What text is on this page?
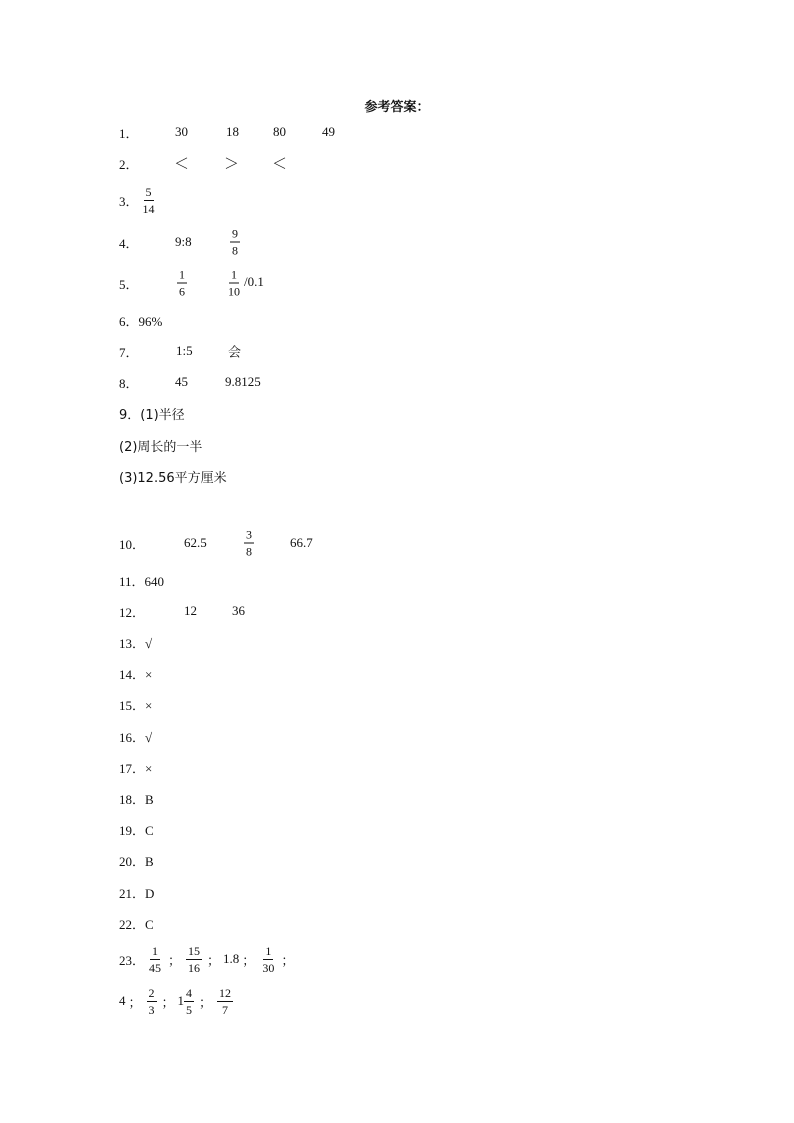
参考答案：
1．	30	18	80	49
2． ＜ ＞ ＜
3． $\frac{5}{14}$
4．	9:8	$\frac{9}{8}$
5．	$\frac{1}{6}$	$\frac{1}{10} /0.1$
6．96%
7．	1:5	会
8．	45	9.8125
9．(1)半径
(2)周长的一半
(3)12.56平方厘米
10．	62.5	$\frac{3}{8}$	66.7
11．640
12．	12	36
13．√
14．×
15．×
16．√
17．×
18．B
19．C
20．B
21．D
22．C
23． $\frac{1}{45}$ ； $\frac{15}{16}$ ； 1.8 ； $\frac{1}{30}$ ；
4 ； $\frac{2}{3}$ ； $1 \frac{4}{5}$ ； $\frac{12}{7}$
